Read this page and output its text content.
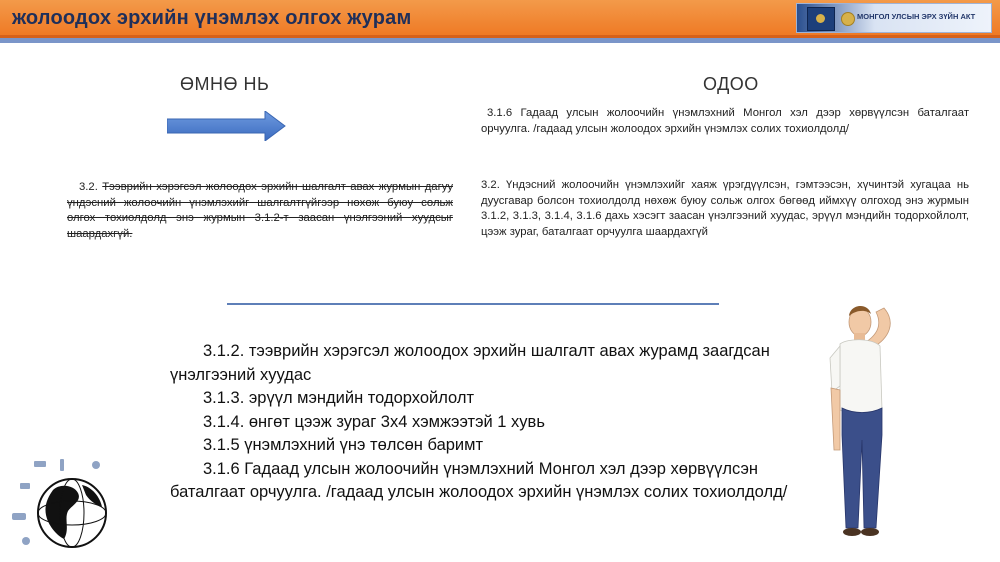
жолоодох эрхийн үнэмлэх олгох журам	МОНГОЛ УЛСЫН ЭРХ ЗҮЙН АКТ
ӨМНӨ НЬ	ОДОО
3.2. Тээврийн хэрэгсэл жолоодох эрхийн шалгалт авах журмын дагуу үндэсний жолоочийн үнэмлэхийг шалгалтгүйгээр нөхөж буюу сольж олгох тохиолдолд энэ журмын 3.1.2-т заасан үнэлгээний хуудсыг шаардахгүй.
3.1.6 Гадаад улсын жолоочийн үнэмлэхний Монгол хэл дээр хөрвүүлсэн баталгаат орчуулга. /гадаад улсын жолоодох эрхийн үнэмлэх солих тохиолдолд/
3.2. Үндэсний жолоочийн үнэмлэхийг хаяж үрэгдүүлсэн, гэмтээсэн, хүчинтэй хугацаа нь дуусгавар болсон тохиолдолд нөхөж буюу сольж олгох бөгөөд иймхүү олгоход энэ журмын 3.1.2, 3.1.3, 3.1.4, 3.1.6 дахь хэсэгт заасан үнэлгээний хуудас, эрүүл мэндийн тодорхойлолт, цээж зураг, баталгаат орчуулга шаардахгүй

3.1.2. тээврийн хэрэгсэл жолоодох эрхийн шалгалт авах журамд заагдсан үнэлгээний хуудас

3.1.3. эрүүл мэндийн тодорхойлолт

3.1.4. өнгөт цээж зураг 3х4 хэмжээтэй 1 хувь

3.1.5 үнэмлэхний үнэ төлсөн баримт

3.1.6 Гадаад улсын жолоочийн үнэмлэхний Монгол хэл дээр хөрвүүлсэн баталгаат орчуулга. /гадаад улсын жолоодох эрхийн үнэмлэх солих тохиолдолд/
